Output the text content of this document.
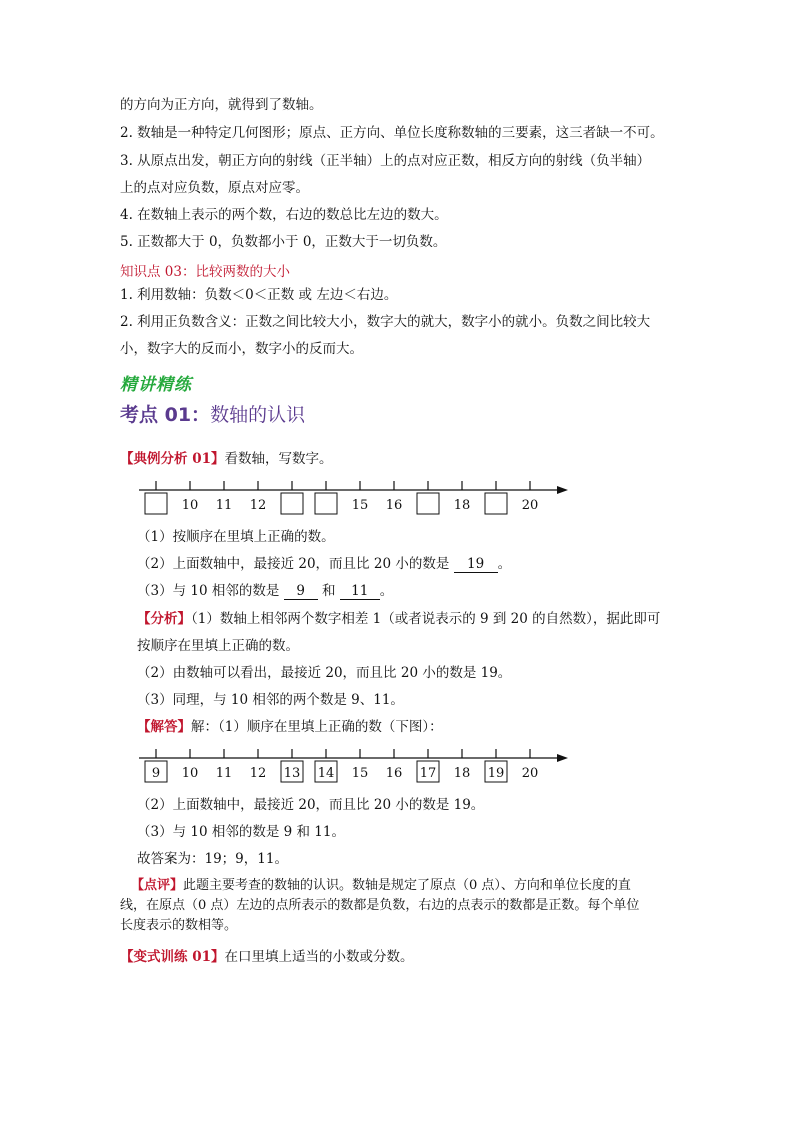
的方向为正方向，就得到了数轴。
2. 数轴是一种特定几何图形；原点、正方向、单位长度称数轴的三要素，这三者缺一不可。
3. 从原点出发，朝正方向的射线（正半轴）上的点对应正数，相反方向的射线（负半轴）
上的点对应负数，原点对应零。
4. 在数轴上表示的两个数，右边的数总比左边的数大。
5. 正数都大于 0，负数都小于 0，正数大于一切负数。
知识点 03：比较两数的大小
1. 利用数轴：负数＜0＜正数 或 左边＜右边。
2. 利用正负数含义：正数之间比较大小，数字大的就大，数字小的就小。负数之间比较大
小，数字大的反而小，数字小的反而大。
精讲精练
考点 01：数轴的认识
【典例分析 01】看数轴，写数字。
10 11 12	15 16	18	20
（1）按顺序在里填上正确的数。
（2）上面数轴中，最接近 20，而且比 20 小的数是 19 。
（3）与 10 相邻的数是 9 和 11 。
【分析】（1）数轴上相邻两个数字相差 1（或者说表示的 9 到 20 的自然数），据此即可
按顺序在里填上正确的数。
（2）由数轴可以看出，最接近 20，而且比 20 小的数是 19。
（3）同理，与 10 相邻的两个数是 9、11。
【解答】解：（1）顺序在里填上正确的数（下图）：
9 10 11 12 13 14 15 16 17 18 19 20
（2）上面数轴中，最接近 20，而且比 20 小的数是 19。
（3）与 10 相邻的数是 9 和 11。
故答案为：19；9，11。
【点评】此题主要考查的数轴的认识。数轴是规定了原点（0 点）、方向和单位长度的直
线，在原点（0 点）左边的点所表示的数都是负数，右边的点表示的数都是正数。每个单位
长度表示的数相等。
【变式训练 01】在口里填上适当的小数或分数。
